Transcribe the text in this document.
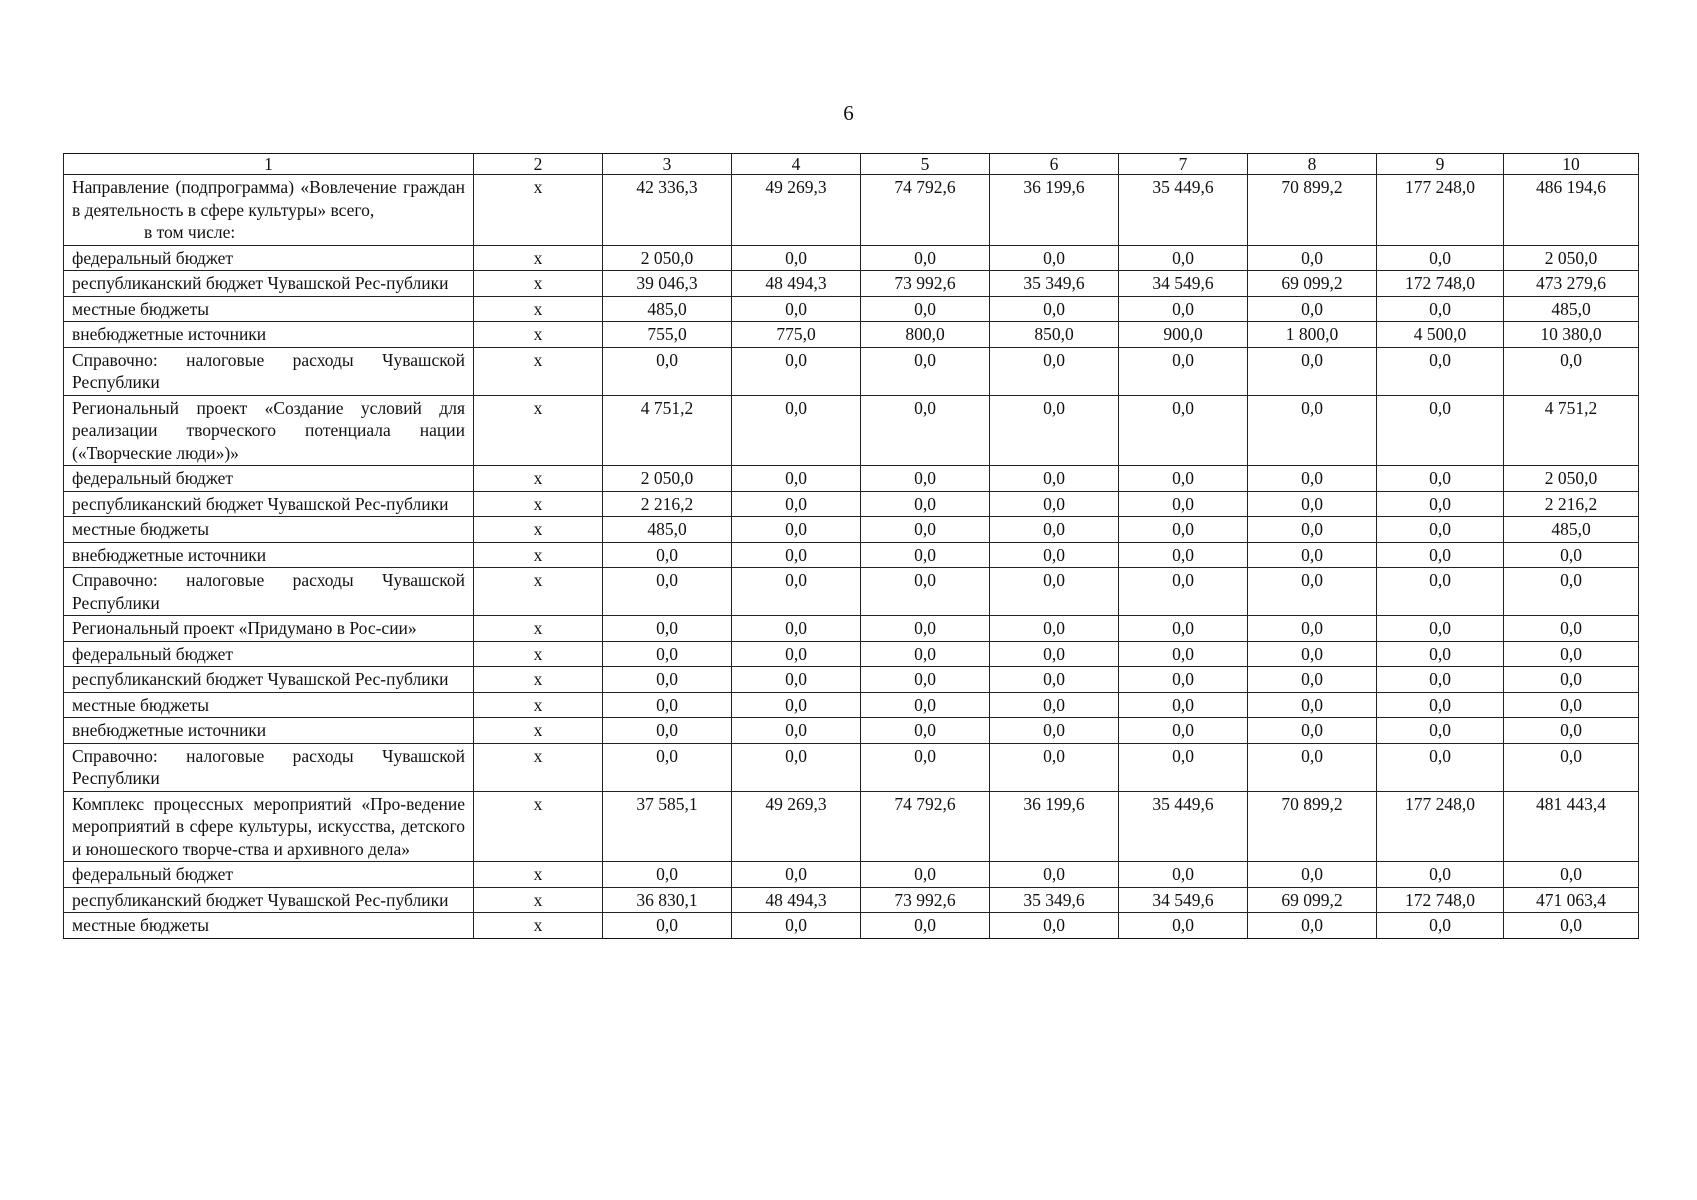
6
1	2	3	4	5	6	7	8	9	10
Направление (подпрограмма) «Вовлечение граждан в деятельность в сфере культуры» всего,
в том числе:	x	42 336,3	49 269,3	74 792,6	36 199,6	35 449,6	70 899,2	177 248,0	486 194,6
федеральный бюджет	x	2 050,0	0,0	0,0	0,0	0,0	0,0	0,0	2 050,0
республиканский бюджет Чувашской Рес-публики	x	39 046,3	48 494,3	73 992,6	35 349,6	34 549,6	69 099,2	172 748,0	473 279,6
местные бюджеты	x	485,0	0,0	0,0	0,0	0,0	0,0	0,0	485,0
внебюджетные источники	x	755,0	775,0	800,0	850,0	900,0	1 800,0	4 500,0	10 380,0
Справочно: налоговые расходы Чувашской Республики	x	0,0	0,0	0,0	0,0	0,0	0,0	0,0	0,0
Региональный проект «Создание условий для реализации творческого потенциала нации («Творческие люди»)»	x	4 751,2	0,0	0,0	0,0	0,0	0,0	0,0	4 751,2
федеральный бюджет	x	2 050,0	0,0	0,0	0,0	0,0	0,0	0,0	2 050,0
республиканский бюджет Чувашской Рес-публики	x	2 216,2	0,0	0,0	0,0	0,0	0,0	0,0	2 216,2
местные бюджеты	x	485,0	0,0	0,0	0,0	0,0	0,0	0,0	485,0
внебюджетные источники	x	0,0	0,0	0,0	0,0	0,0	0,0	0,0	0,0
Справочно: налоговые расходы Чувашской Республики	x	0,0	0,0	0,0	0,0	0,0	0,0	0,0	0,0
Региональный проект «Придумано в Рос-сии»	x	0,0	0,0	0,0	0,0	0,0	0,0	0,0	0,0
федеральный бюджет	x	0,0	0,0	0,0	0,0	0,0	0,0	0,0	0,0
республиканский бюджет Чувашской Рес-публики	x	0,0	0,0	0,0	0,0	0,0	0,0	0,0	0,0
местные бюджеты	x	0,0	0,0	0,0	0,0	0,0	0,0	0,0	0,0
внебюджетные источники	x	0,0	0,0	0,0	0,0	0,0	0,0	0,0	0,0
Справочно: налоговые расходы Чувашской Республики	x	0,0	0,0	0,0	0,0	0,0	0,0	0,0	0,0
Комплекс процессных мероприятий «Про-ведение мероприятий в сфере культуры, искусства, детского и юношеского творче-ства и архивного дела»	x	37 585,1	49 269,3	74 792,6	36 199,6	35 449,6	70 899,2	177 248,0	481 443,4
федеральный бюджет	x	0,0	0,0	0,0	0,0	0,0	0,0	0,0	0,0
республиканский бюджет Чувашской Рес-публики	x	36 830,1	48 494,3	73 992,6	35 349,6	34 549,6	69 099,2	172 748,0	471 063,4
местные бюджеты	x	0,0	0,0	0,0	0,0	0,0	0,0	0,0	0,0
